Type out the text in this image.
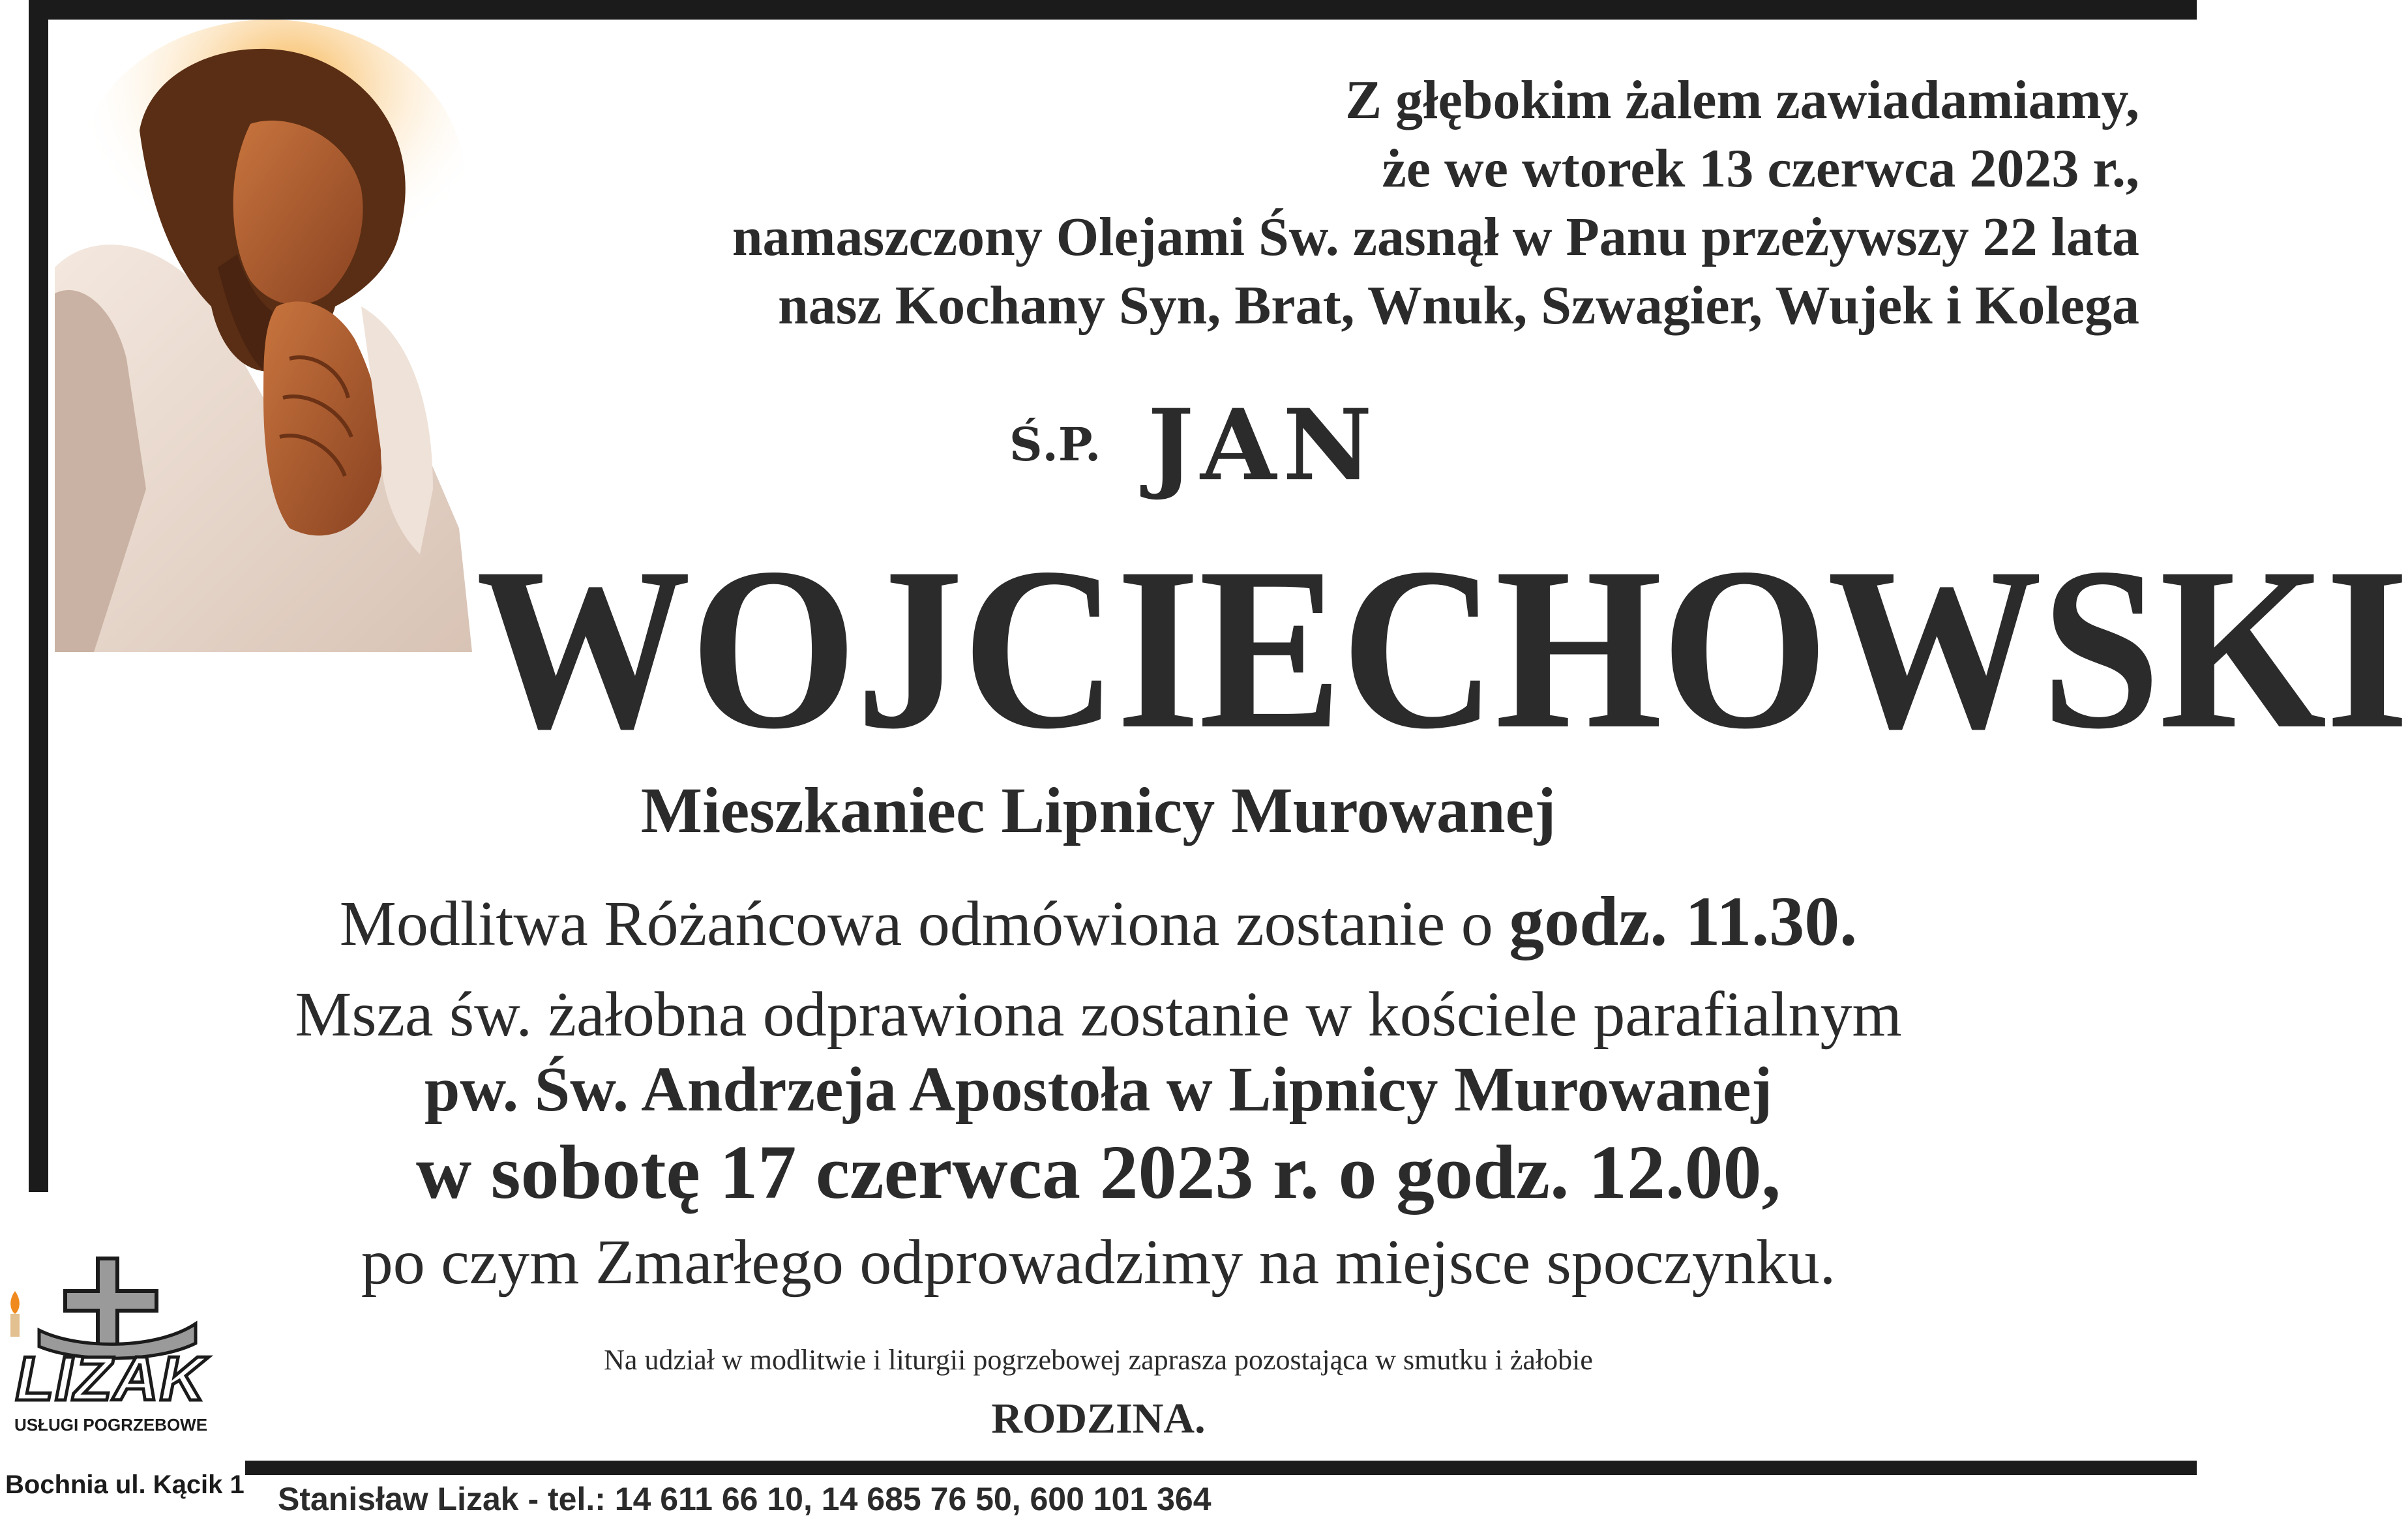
Z głębokim żalem zawiadamiamy,
że we wtorek 13 czerwca 2023 r.,
namaszczony Olejami Św. zasnął w Panu przeżywszy 22 lata
nasz Kochany Syn, Brat, Wnuk, Szwagier, Wujek i Kolega
Ś.P. JAN
WOJCIECHOWSKI
Mieszkaniec Lipnicy Murowanej
Modlitwa Różańcowa odmówiona zostanie o godz. 11.30.
Msza św. żałobna odprawiona zostanie w kościele parafialnym
pw. Św. Andrzeja Apostoła w Lipnicy Murowanej
w sobotę 17 czerwca 2023 r. o godz. 12.00,
po czym Zmarłego odprowadzimy na miejsce spoczynku.
Na udział w modlitwie i liturgii pogrzebowej zaprasza pozostająca w smutku i żałobie
RODZINA.
LIZAK
USŁUGI POGRZEBOWE
Bochnia ul. Kącik 1 Stanisław Lizak - tel.: 14 611 66 10, 14 685 76 50, 600 101 364
